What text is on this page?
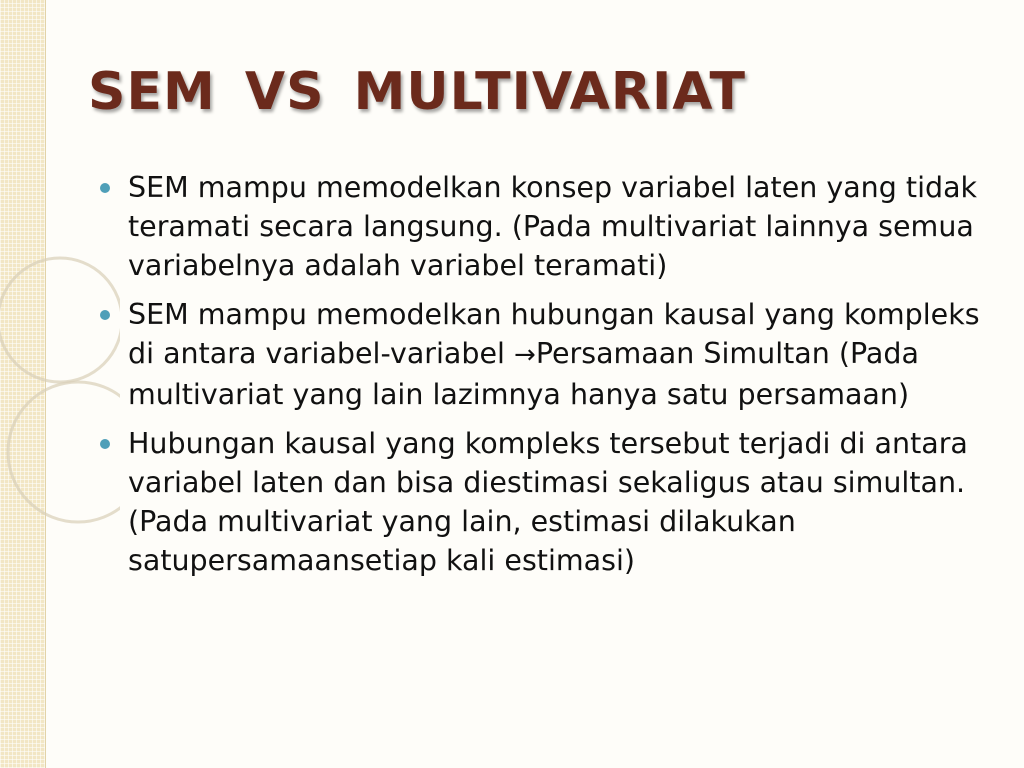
SEM VS MULTIVARIAT
SEM mampu memodelkan konsep variabel laten yang tidak teramati secara langsung. (Pada multivariat lainnya semua variabelnya adalah variabel teramati)
SEM mampu memodelkan hubungan kausal yang kompleks di antara variabel-variabel →Persamaan Simultan (Pada multivariat yang lain lazimnya hanya satu persamaan)
Hubungan kausal yang kompleks tersebut terjadi di antara variabel laten dan bisa diestimasi sekaligus atau simultan. (Pada multivariat yang lain, estimasi dilakukan satupersamaansetiap kali estimasi)
